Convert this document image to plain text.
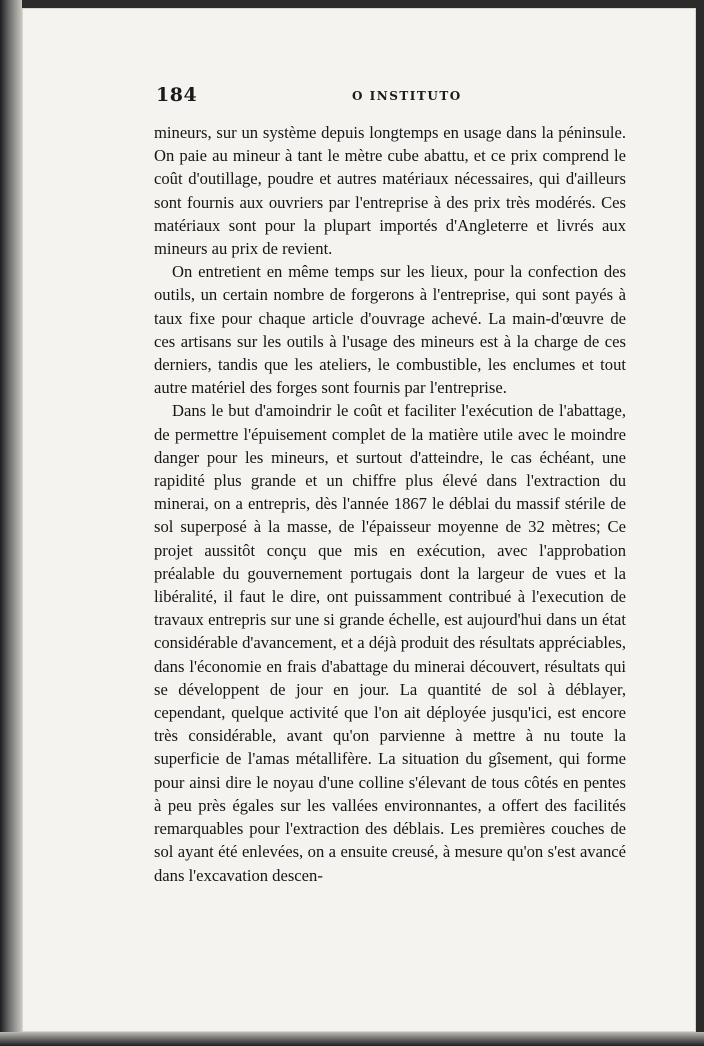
184	O INSTITUTO

mineurs, sur un système depuis longtemps en usage dans la péninsule. On paie au mineur à tant le mètre cube abattu, et ce prix comprend le coût d'outillage, poudre et autres matériaux nécessaires, qui d'ailleurs sont fournis aux ouvriers par l'entreprise à des prix très modérés. Ces matériaux sont pour la plupart importés d'Angleterre et livrés aux mineurs au prix de revient.

On entretient en même temps sur les lieux, pour la confection des outils, un certain nombre de forgerons à l'entreprise, qui sont payés à taux fixe pour chaque article d'ouvrage achevé. La main-d'œuvre de ces artisans sur les outils à l'usage des mineurs est à la charge de ces derniers, tandis que les ateliers, le combustible, les enclumes et tout autre matériel des forges sont fournis par l'entreprise.

Dans le but d'amoindrir le coût et faciliter l'exécution de l'abattage, de permettre l'épuisement complet de la matière utile avec le moindre danger pour les mineurs, et surtout d'atteindre, le cas échéant, une rapidité plus grande et un chiffre plus élevé dans l'extraction du minerai, on a entrepris, dès l'année 1867 le déblai du massif stérile de sol superposé à la masse, de l'épaisseur moyenne de 32 mètres; Ce projet aussitôt conçu que mis en exécution, avec l'approbation préalable du gouvernement portugais dont la largeur de vues et la libéralité, il faut le dire, ont puissamment contribué à l'execution de travaux entrepris sur une si grande échelle, est aujourd'hui dans un état considérable d'avancement, et a déjà produit des résultats appréciables, dans l'économie en frais d'abattage du minerai découvert, résultats qui se développent de jour en jour. La quantité de sol à déblayer, cependant, quelque activité que l'on ait déployée jusqu'ici, est encore très considérable, avant qu'on parvienne à mettre à nu toute la superficie de l'amas métallifère. La situation du gîsement, qui forme pour ainsi dire le noyau d'une colline s'élevant de tous côtés en pentes à peu près égales sur les vallées environnantes, a offert des facilités remarquables pour l'extraction des déblais. Les premières couches de sol ayant été enlevées, on a ensuite creusé, à mesure qu'on s'est avancé dans l'excavation descen-
